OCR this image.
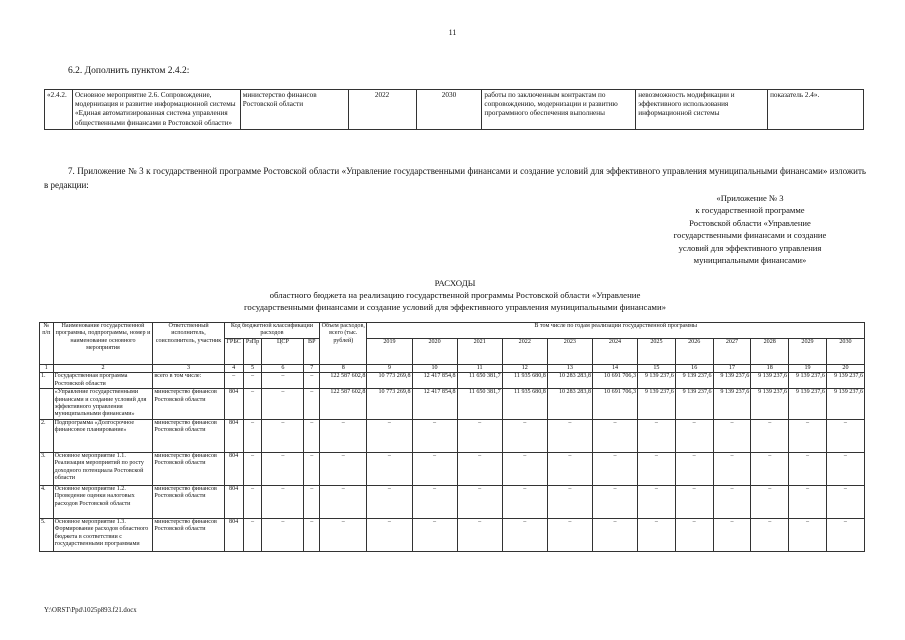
11
6.2. Дополнить пунктом 2.4.2:
«2.4.2.	Основное мероприятие 2.6. Сопровождение, модернизация и развитие информационной системы «Единая автоматизированная система управления общественными финансами в Ростовской области»	министерство финансов Ростовской области	2022	2030	работы по заключенным контрактам по сопровождению, модернизации и развитию программного обеспечения выполнены	невозможность модификации и эффективного использования информационной системы	показатель 2.4».
7. Приложение № 3 к государственной программе Ростовской области «Управление государственными финансами и создание условий для эффективного управления муниципальными финансами» изложить в редакции:
«Приложение № 3
к государственной программе
Ростовской области «Управление
государственными финансами и создание
условий для эффективного управления
муниципальными финансами»
РАСХОДЫ
областного бюджета на реализацию государственной программы Ростовской области «Управление
государственными финансами и создание условий для эффективного управления муниципальными финансами»
№ п/п	Наименование государственной программы, подпрограммы, номер и наименование основного мероприятия	Ответственный исполнитель, соисполнитель, участник	Код бюджетной классификации расходов				Объем расходов, всего (тыс. рублей)	В том числе по годам реализации государственной программы											
			ГРБС	РзПр	ЦСР	ВР		2019	2020	2021	2022	2023	2024	2025	2026	2027	2028	2029	2030
1	2	3	4	5	6	7	8	9	10	11	12	13	14	15	16	17	18	19	20
1.	Государственная программа Ростовской области	всего в том числе:	–	–	–	–	122 587 602,8	10 773 269,8	12 417 854,8	11 650 381,7	11 935 680,8	10 283 283,8	10 691 706,3	9 139 237,6	9 139 237,6	9 139 237,6	9 139 237,6	9 139 237,6	9 139 237,6
	«Управление государственными финансами и создание условий для эффективного управления муниципальными финансами»	министерство финансов Ростовской области	804	–	–	–	122 587 602,8	10 773 269,8	12 417 854,8	11 650 381,7	11 935 680,8	10 283 283,8	10 691 706,3	9 139 237,6	9 139 237,6	9 139 237,6	9 139 237,6	9 139 237,6	9 139 237,6
2.	Подпрограмма «Долгосрочное финансовое планирование»	министерство финансов Ростовской области	804	–	–	–	–	–	–	–	–	–	–	–	–	–	–	–	–
3.	Основное мероприятие 1.1. Реализация мероприятий по росту доходного потенциала Ростовской области	министерство финансов Ростовской области	804	–	–	–	–	–	–	–	–	–	–	–	–	–	–	–	–
4.	Основное мероприятие 1.2. Проведение оценки налоговых расходов Ростовской области	министерство финансов Ростовской области	804	–	–	–	–	–	–	–	–	–	–	–	–	–	–	–	–
5.	Основное мероприятие 1.3. Формирование расходов областного бюджета в соответствии с государственными программами	министерство финансов Ростовской области	804	–	–	–	–	–	–	–	–	–	–	–	–	–	–	–	–
Y:\ORST\Ppd\1025p893.f21.docx
